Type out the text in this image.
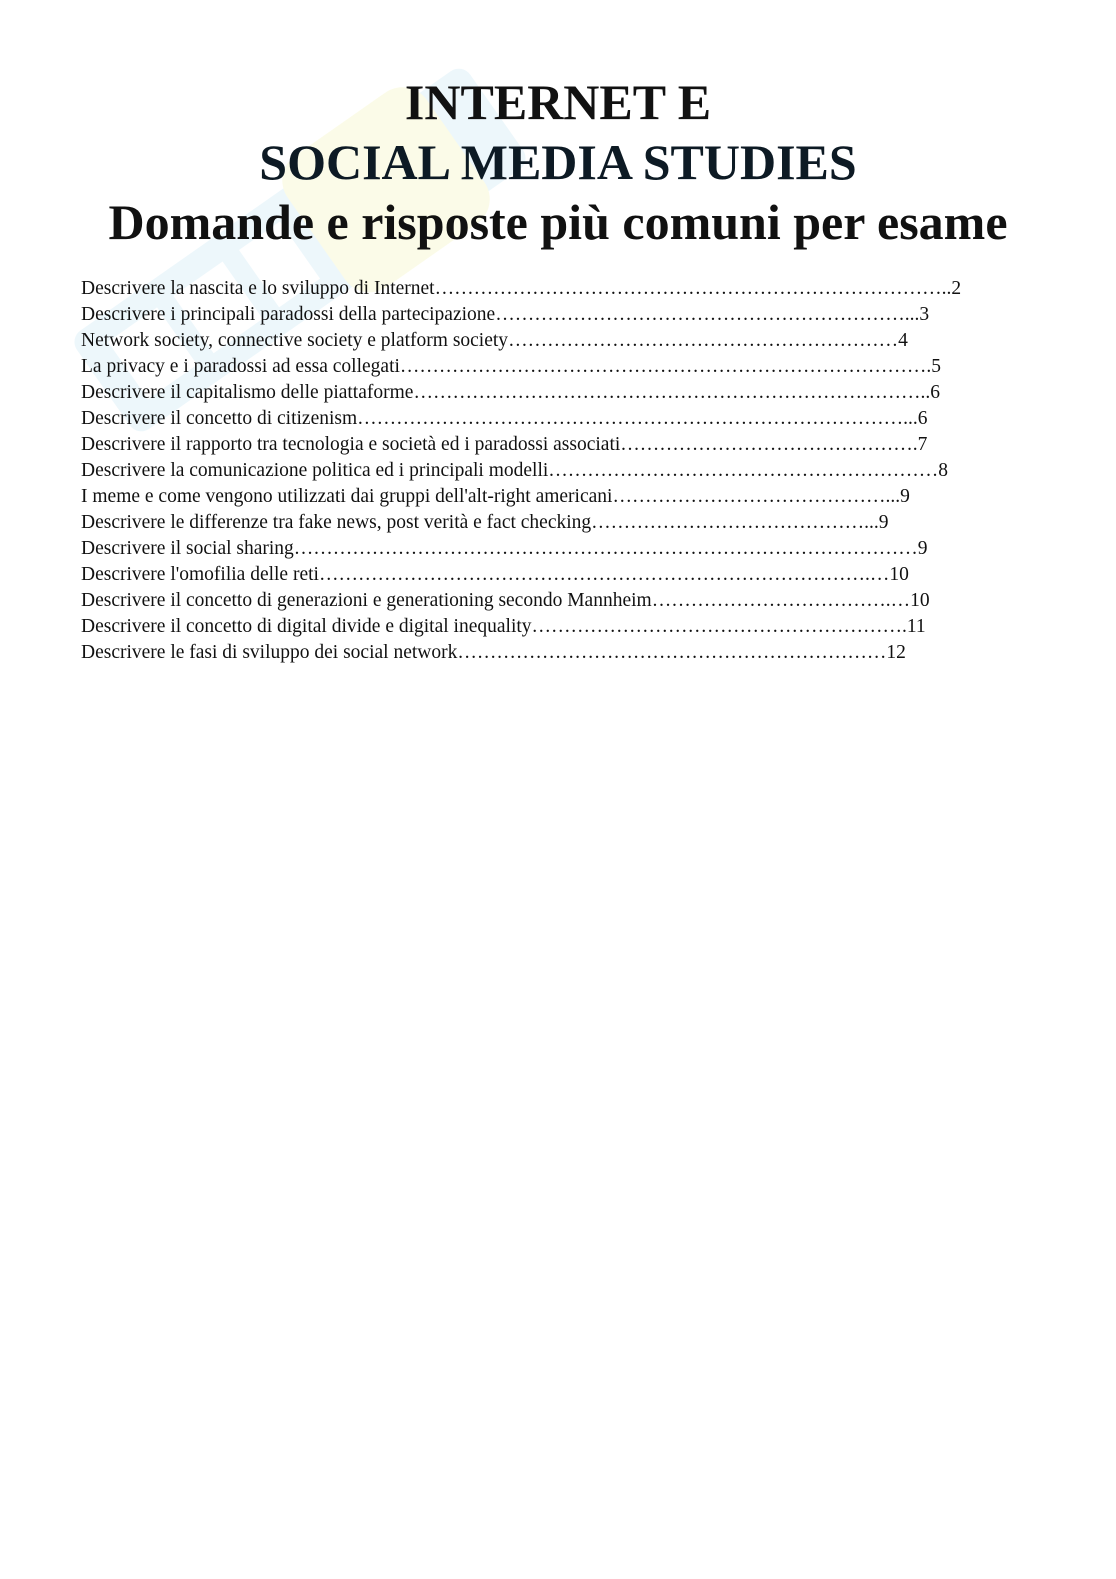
INTERNET E
SOCIAL MEDIA STUDIES
Domande e risposte più comuni per esame
Descrivere la nascita e lo sviluppo di Internet……………………………………………………………………..2
Descrivere i principali paradossi della partecipazione………………………………………………………...3
Network society, connective society e platform society……………………………………………………4
La privacy e i paradossi ad essa collegati……………………………………………………………………….5
Descrivere il capitalismo delle piattaforme……………………………………………………………………..6
Descrivere il concetto di citizenism…………………………………………………………………………...6
Descrivere il rapporto tra tecnologia e società ed i paradossi associati……………………………………….7
Descrivere la comunicazione politica ed i principali modelli……………………………………………………8
I meme e come vengono utilizzati dai gruppi dell'alt-right americani……………………………………...9
Descrivere le differenze tra fake news, post verità e fact checking……………………………………...9
Descrivere il social sharing……………………………………………………………………………………9
Descrivere l'omofilia delle reti………………………………………………………………………….…10
Descrivere il concetto di generazioni e generationing secondo Mannheim……………………………….…10
Descrivere il concetto di digital divide e digital inequality………………………………………………….11
Descrivere le fasi di sviluppo dei social network…………………………………………………………12
